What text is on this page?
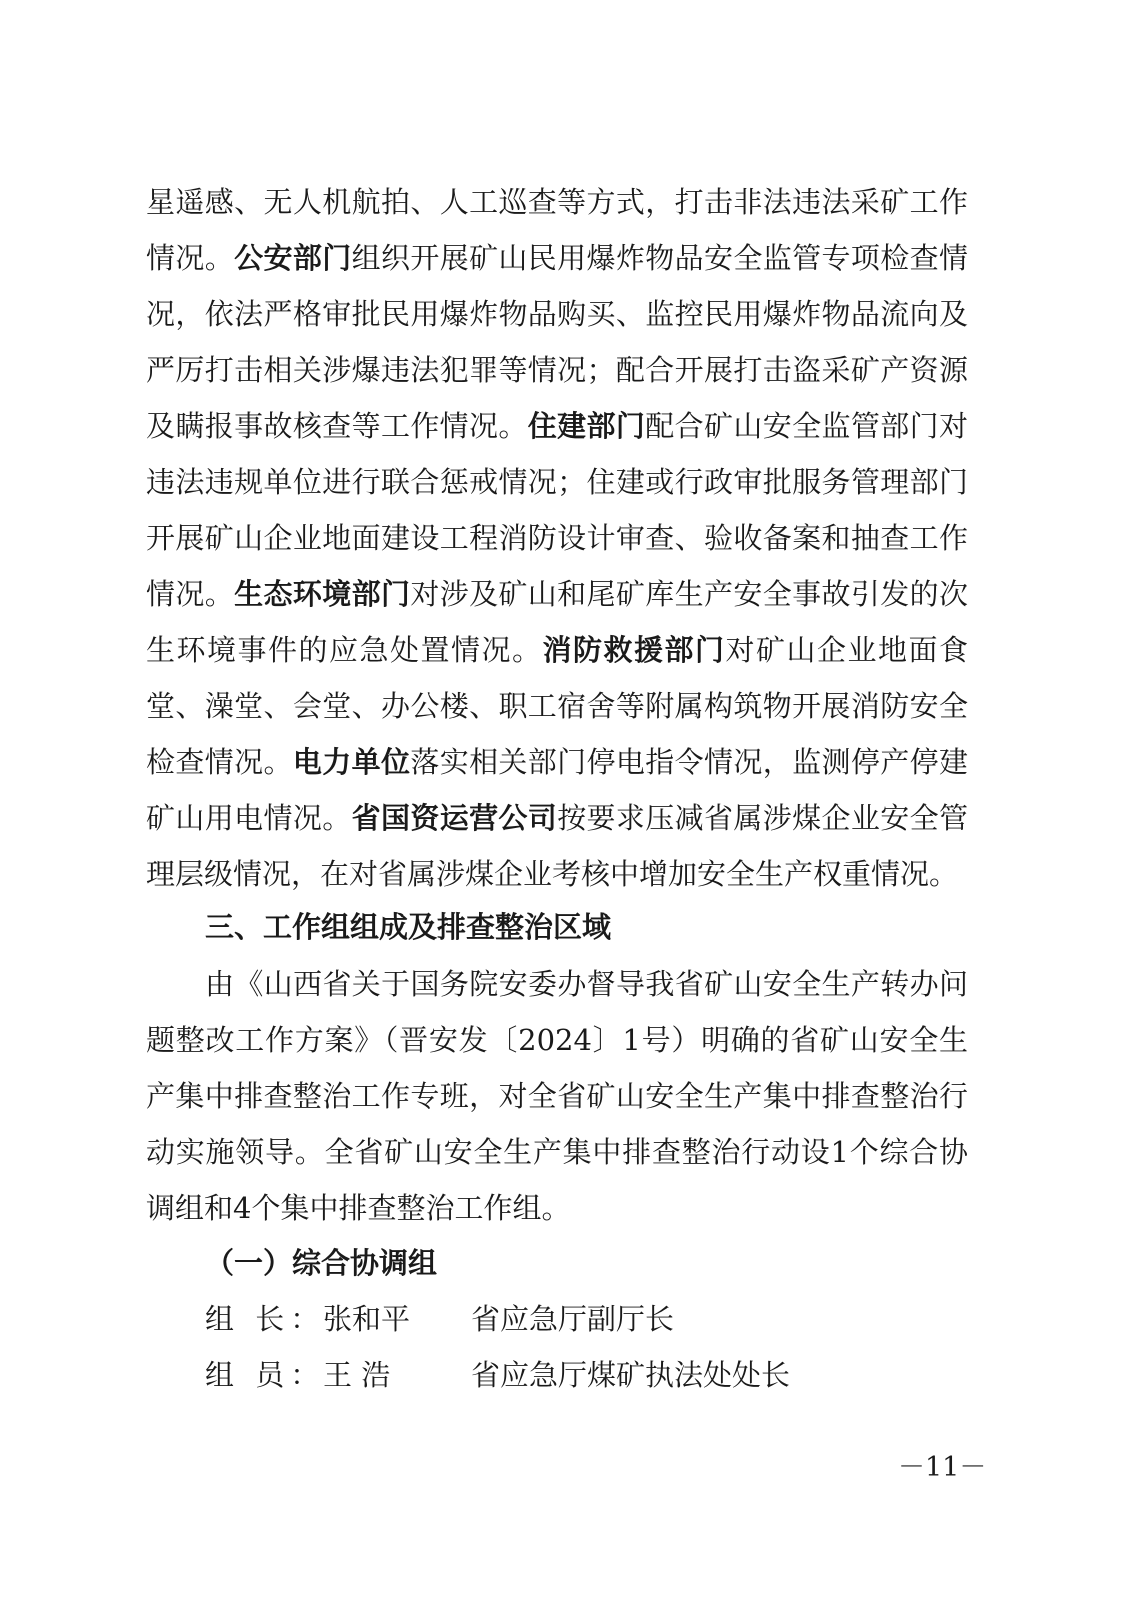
星遥感、无人机航拍、人工巡查等方式，打击非法违法采矿工作
情况。公安部门组织开展矿山民用爆炸物品安全监管专项检查情
况，依法严格审批民用爆炸物品购买、监控民用爆炸物品流向及
严厉打击相关涉爆违法犯罪等情况；配合开展打击盗采矿产资源
及瞒报事故核查等工作情况。住建部门配合矿山安全监管部门对
违法违规单位进行联合惩戒情况；住建或行政审批服务管理部门
开展矿山企业地面建设工程消防设计审查、验收备案和抽查工作
情况。生态环境部门对涉及矿山和尾矿库生产安全事故引发的次
生环境事件的应急处置情况。消防救援部门对矿山企业地面食
堂、澡堂、会堂、办公楼、职工宿舍等附属构筑物开展消防安全
检查情况。电力单位落实相关部门停电指令情况，监测停产停建
矿山用电情况。省国资运营公司按要求压减省属涉煤企业安全管
理层级情况，在对省属涉煤企业考核中增加安全生产权重情况。
三、工作组组成及排查整治区域
由《山西省关于国务院安委办督导我省矿山安全生产转办问
题整改工作方案》（晋安发〔2024〕1号）明确的省矿山安全生
产集中排查整治工作专班，对全省矿山安全生产集中排查整治行
动实施领导。全省矿山安全生产集中排查整治行动设1个综合协
调组和4个集中排查整治工作组。
（一）综合协调组
组 长：张和平 省应急厅副厅长
组 员：王 浩	省应急厅煤矿执法处处长
－11－
